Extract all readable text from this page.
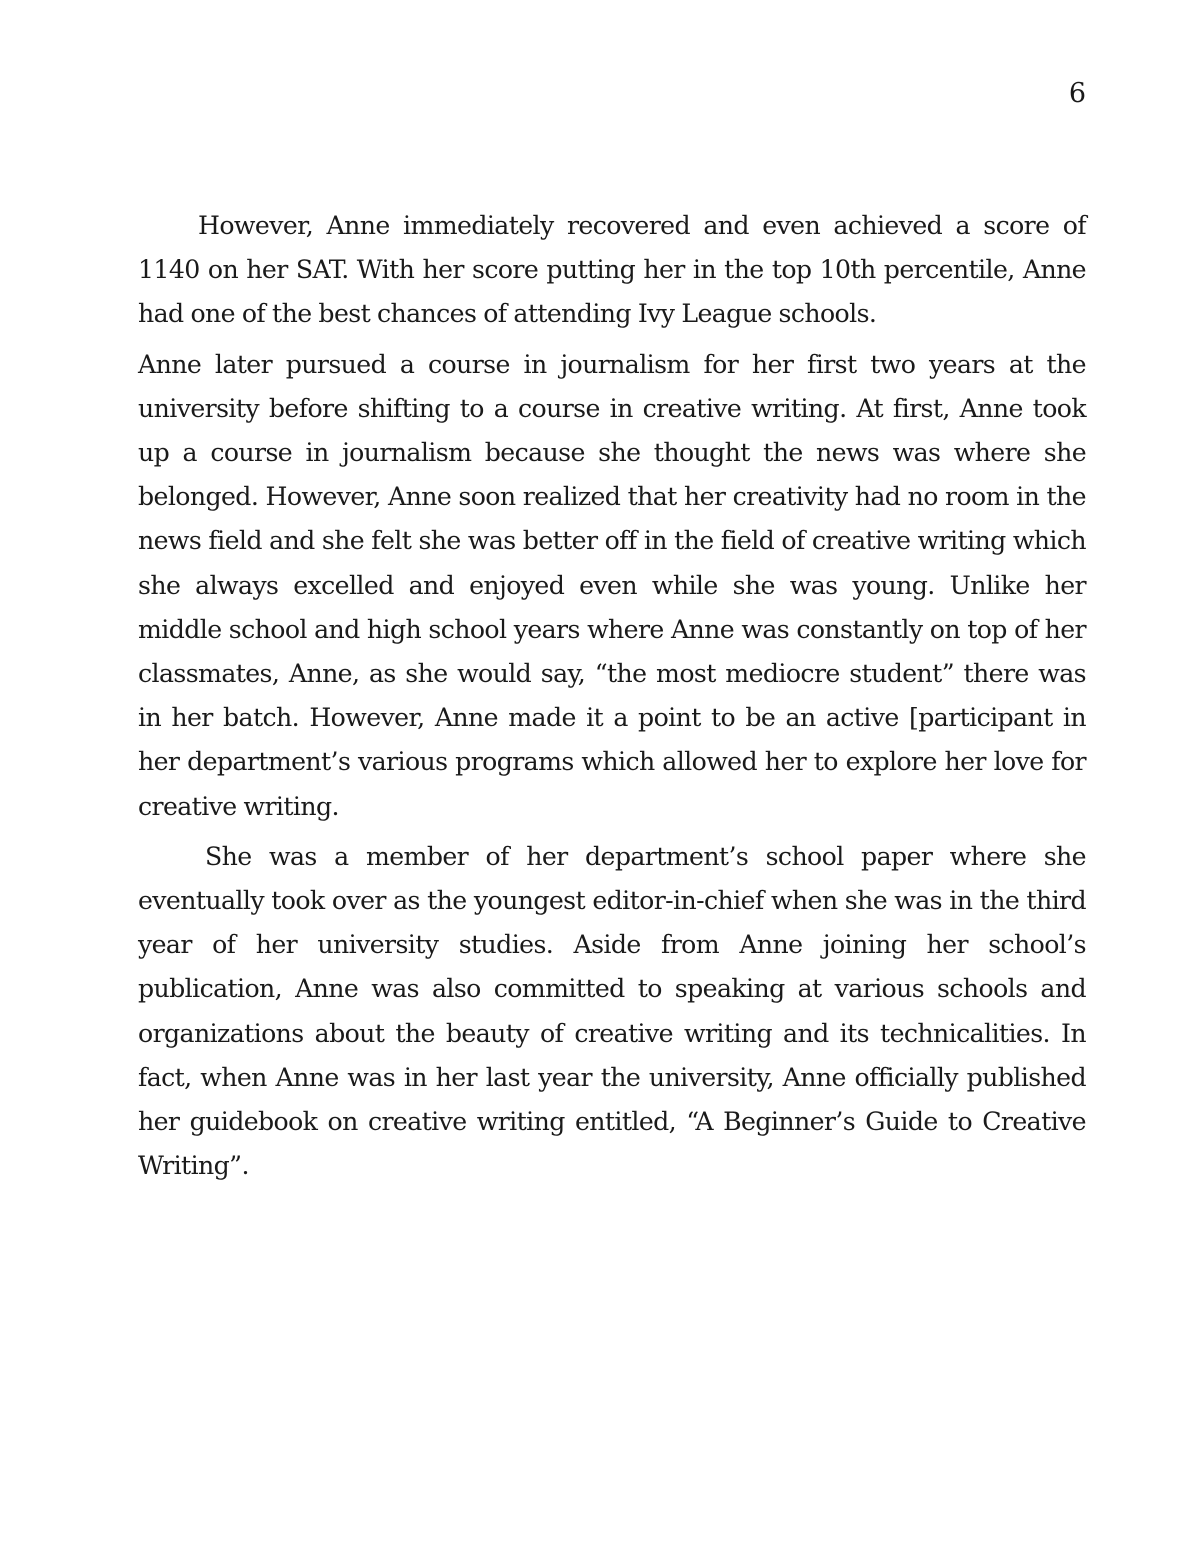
6

However, Anne immediately recovered and even achieved a score of 1140 on her SAT. With her score putting her in the top 10th percentile, Anne had one of the best chances of attending Ivy League schools.

Anne later pursued a course in journalism for her first two years at the university before shifting to a course in creative writing. At first, Anne took up a course in journalism because she thought the news was where she belonged. However, Anne soon realized that her creativity had no room in the news field and she felt she was better off in the field of creative writing which she always excelled and enjoyed even while she was young. Unlike her middle school and high school years where Anne was constantly on top of her classmates, Anne, as she would say, “the most mediocre student” there was in her batch. However, Anne made it a point to be an active [participant in her department’s various programs which allowed her to explore her love for creative writing.

She was a member of her department’s school paper where she eventually took over as the youngest editor-in-chief when she was in the third year of her university studies. Aside from Anne joining her school’s publication, Anne was also committed to speaking at various schools and organizations about the beauty of creative writing and its technicalities. In fact, when Anne was in her last year the university, Anne officially published her guidebook on creative writing entitled, “A Beginner’s Guide to Creative Writing”.
